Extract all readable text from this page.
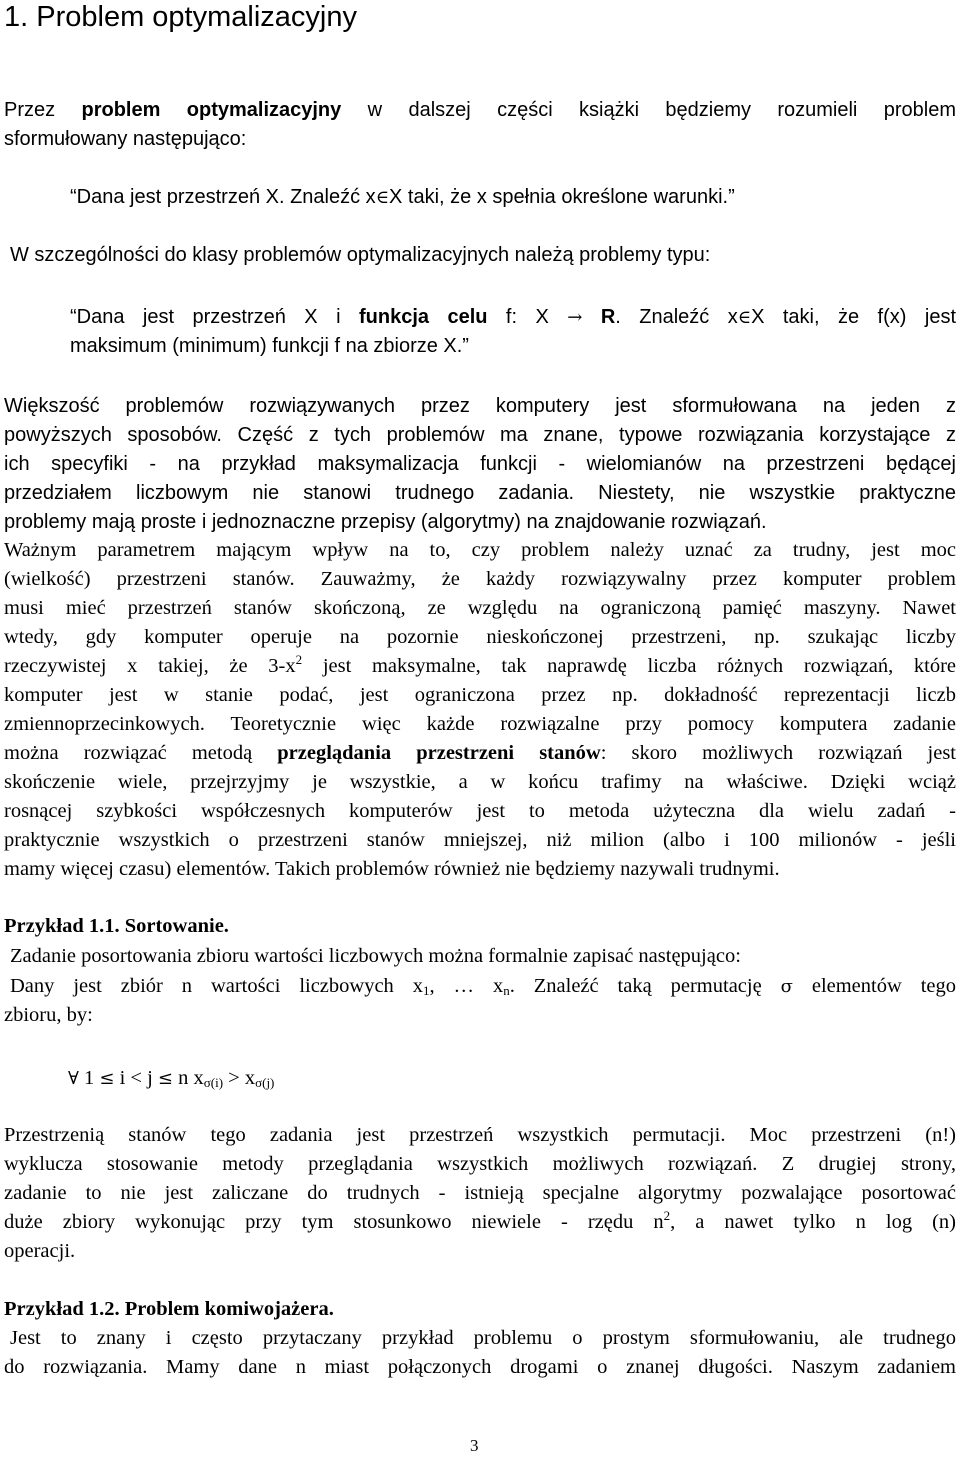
1. Problem optymalizacyjny
Przez problem optymalizacyjny w dalszej części książki będziemy rozumieli problem
sformułowany następująco:
“Dana jest przestrzeń X. Znaleźć x∈X taki, że x spełnia określone warunki.”
W szczególności do klasy problemów optymalizacyjnych należą problemy typu:
“Dana jest przestrzeń X i funkcja celu f: X → R. Znaleźć x∈X taki, że f(x) jest
maksimum (minimum) funkcji f na zbiorze X.”
Większość problemów rozwiązywanych przez komputery jest sformułowana na jeden z
powyższych sposobów. Część z tych problemów ma znane, typowe rozwiązania korzystające z
ich specyfiki - na przykład maksymalizacja funkcji - wielomianów na przestrzeni będącej
przedziałem liczbowym nie stanowi trudnego zadania. Niestety, nie wszystkie praktyczne
problemy mają proste i jednoznaczne przepisy (algorytmy) na znajdowanie rozwiązań.
Ważnym parametrem mającym wpływ na to, czy problem należy uznać za trudny, jest moc
(wielkość) przestrzeni stanów. Zauważmy, że każdy rozwiązywalny przez komputer problem
musi mieć przestrzeń stanów skończoną, ze względu na ograniczoną pamięć maszyny. Nawet
wtedy, gdy komputer operuje na pozornie nieskończonej przestrzeni, np. szukając liczby
rzeczywistej x takiej, że $3-x^2$ jest maksymalne, tak naprawdę liczba różnych rozwiązań, które
komputer jest w stanie podać, jest ograniczona przez np. dokładność reprezentacji liczb
zmiennoprzecinkowych. Teoretycznie więc każde rozwiązalne przy pomocy komputera zadanie
można rozwiązać metodą przeglądania przestrzeni stanów: skoro możliwych rozwiązań jest
skończenie wiele, przejrzyjmy je wszystkie, a w końcu trafimy na właściwe. Dzięki wciąż
rosnącej szybkości współczesnych komputerów jest to metoda użyteczna dla wielu zadań -
praktycznie wszystkich o przestrzeni stanów mniejszej, niż milion (albo i 100 milionów - jeśli
mamy więcej czasu) elementów. Takich problemów również nie będziemy nazywali trudnymi.
Przykład 1.1. Sortowanie.
Zadanie posortowania zbioru wartości liczbowych można formalnie zapisać następująco:
Dany jest zbiór n wartości liczbowych $x_1$, … $x_n$. Znaleźć taką permutację σ elementów tego
zbioru, by:
∀ 1 ≤ i < j ≤ n $x_{\sigma(i)} > x_{\sigma(j)}$
Przestrzenią stanów tego zadania jest przestrzeń wszystkich permutacji. Moc przestrzeni (n!)
wyklucza stosowanie metody przeglądania wszystkich możliwych rozwiązań. Z drugiej strony,
zadanie to nie jest zaliczane do trudnych - istnieją specjalne algorytmy pozwalające posortować
duże zbiory wykonując przy tym stosunkowo niewiele - rzędu $n^2$, a nawet tylko n log (n)
operacji.
Przykład 1.2. Problem komiwojażera.
Jest to znany i często przytaczany przykład problemu o prostym sformułowaniu, ale trudnego
do rozwiązania. Mamy dane n miast połączonych drogami o znanej długości. Naszym zadaniem
3
